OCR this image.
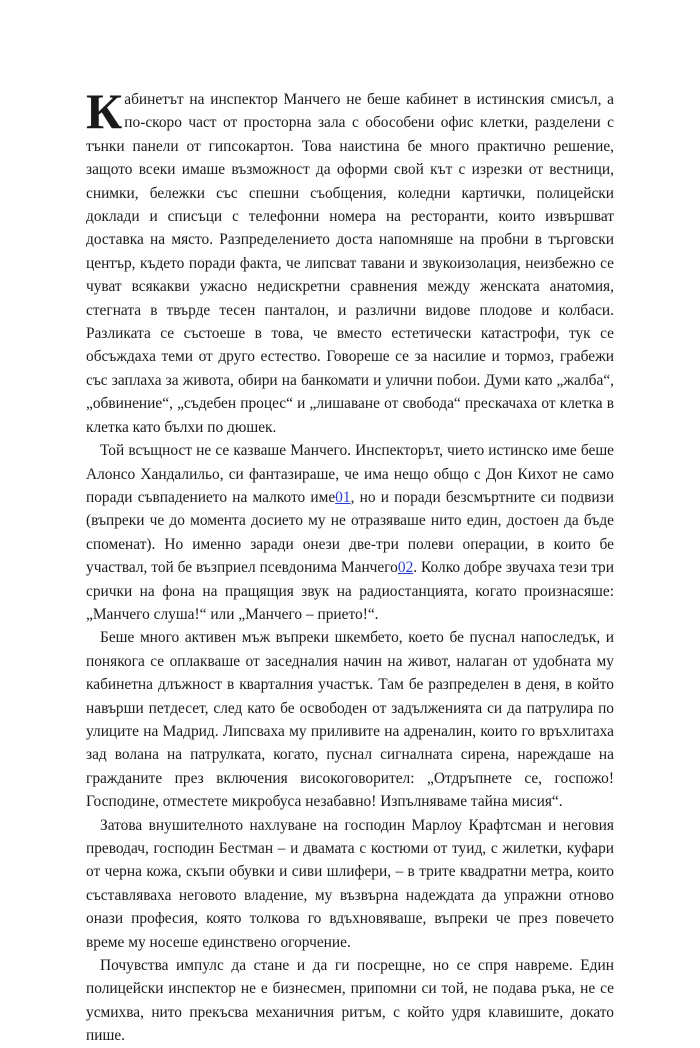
Кабинетът на инспектор Манчего не беше кабинет в истинския смисъл, а по-скоро част от просторна зала с обособени офис клетки, разделени с тънки панели от гипсокартон. Това наистина бе много практично решение, защото всеки имаше възможност да оформи свой кът с изрезки от вестници, снимки, бележки със спешни съобщения, коледни картички, полицейски доклади и списъци с телефонни номера на ресторанти, които извършват доставка на място. Разпределението доста напомняше на пробни в търговски център, където поради факта, че липсват тавани и звукоизолация, неизбежно се чуват всякакви ужасно недискретни сравнения между женската анатомия, стегната в твърде тесен панталон, и различни видове плодове и колбаси. Разликата се състоеше в това, че вместо естетически катастрофи, тук се обсъждаха теми от друго естество. Говореше се за насилие и тормоз, грабежи със заплаха за живота, обири на банкомати и улични побои. Думи като „жалба“, „обвинение“, „съдебен процес“ и „лишаване от свобода“ прескачаха от клетка в клетка като бълхи по дюшек.

Той всъщност не се казваше Манчего. Инспекторът, чието истинско име беше Алонсо Хандалильо, си фантазираше, че има нещо общо с Дон Кихот не само поради съвпадението на малкото име01, но и поради безсмъртните си подвизи (въпреки че до момента досието му не отразяваше нито един, достоен да бъде споменат). Но именно заради онези две-три полеви операции, в които бе участвал, той бе възприел псевдонима Манчего02. Колко добре звучаха тези три срички на фона на пращящия звук на радиостанцията, когато произнасяше: „Манчего слуша!“ или „Манчего – прието!“.

Беше много активен мъж въпреки шкембето, което бе пуснал напоследък, и понякога се оплакваше от заседналия начин на живот, налаган от удобната му кабинетна длъжност в кварталния участък. Там бе разпределен в деня, в който навърши петдесет, след като бе освободен от задълженията си да патрулира по улиците на Мадрид. Липсваха му приливите на адреналин, които го връхлитаха зад волана на патрулката, когато, пуснал сигналната сирена, нареждаше на гражданите през включения високоговорител: „Отдръпнете се, госпожо! Господине, отместете микробуса незабавно! Изпълняваме тайна мисия“.

Затова внушителното нахлуване на господин Марлоу Крафтсман и неговия преводач, господин Бестман – и двамата с костюми от туид, с жилетки, куфари от черна кожа, скъпи обувки и сиви шлифери, – в трите квадратни метра, които съставляваха неговото владение, му възвърна надеждата да упражни отново онази професия, която толкова го вдъхновяваше, въпреки че през повечето време му носеше единствено огорчение.

Почувства импулс да стане и да ги посрещне, но се спря навреме. Един полицейски инспектор не е бизнесмен, припомни си той, не подава ръка, не се усмихва, нито прекъсва механичния ритъм, с който удря клавишите, докато пише.
